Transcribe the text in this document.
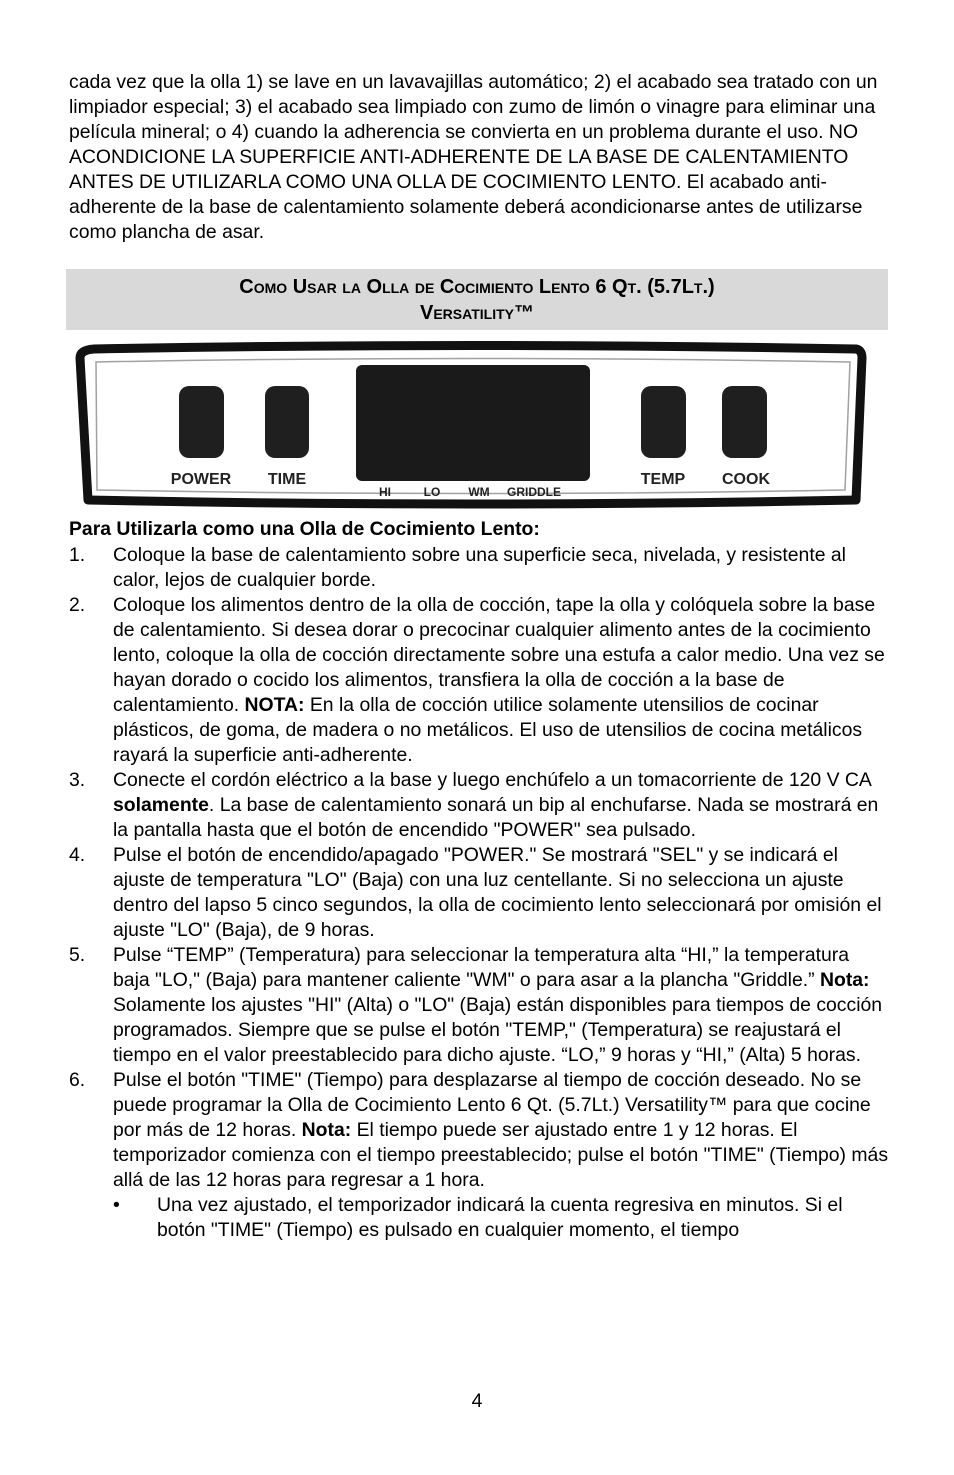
cada vez que la olla 1) se lave en un lavavajillas automático; 2) el acabado sea tratado con un limpiador especial; 3) el acabado sea limpiado con zumo de limón o vinagre para eliminar una película mineral; o 4) cuando la adherencia se convierta en un problema durante el uso. NO ACONDICIONE LA SUPERFICIE ANTI-ADHERENTE DE LA BASE DE CALENTAMIENTO ANTES DE UTILIZARLA COMO UNA OLLA DE COCIMIENTO LENTO. El acabado anti-adherente de la base de calentamiento solamente deberá acondicionarse antes de utilizarse como plancha de asar.

Como Usar la Olla de Cocimiento Lento 6 Qt. (5.7Lt.)
Versatility™
POWER TIME	TEMP COOK
HI	LO WM GRIDDLE

Para Utilizarla como una Olla de Cocimiento Lento:

1. Coloque la base de calentamiento sobre una superficie seca, nivelada, y resistente al calor, lejos de cualquier borde.
2. Coloque los alimentos dentro de la olla de cocción, tape la olla y colóquela sobre la base de calentamiento. Si desea dorar o precocinar cualquier alimento antes de la cocimiento lento, coloque la olla de cocción directamente sobre una estufa a calor medio. Una vez se hayan dorado o cocido los alimentos, transfiera la olla de cocción a la base de calentamiento. NOTA: En la olla de cocción utilice solamente utensilios de cocinar plásticos, de goma, de madera o no metálicos. El uso de utensilios de cocina metálicos rayará la superficie anti-adherente.
3. Conecte el cordón eléctrico a la base y luego enchúfelo a un tomacorriente de 120 V CA solamente. La base de calentamiento sonará un bip al enchufarse. Nada se mostrará en la pantalla hasta que el botón de encendido "POWER" sea pulsado.
4. Pulse el botón de encendido/apagado "POWER." Se mostrará "SEL" y se indicará el ajuste de temperatura "LO" (Baja) con una luz centellante. Si no selecciona un ajuste dentro del lapso 5 cinco segundos, la olla de cocimiento lento seleccionará por omisión el ajuste "LO" (Baja), de 9 horas.
5. Pulse “TEMP” (Temperatura) para seleccionar la temperatura alta “HI,” la temperatura baja "LO," (Baja) para mantener caliente "WM" o para asar a la plancha "Griddle.” Nota: Solamente los ajustes "HI" (Alta) o "LO" (Baja) están disponibles para tiempos de cocción programados. Siempre que se pulse el botón "TEMP," (Temperatura) se reajustará el tiempo en el valor preestablecido para dicho ajuste. “LO,” 9 horas y “HI,” (Alta) 5 horas.
6. Pulse el botón "TIME" (Tiempo) para desplazarse al tiempo de cocción deseado. No se puede programar la Olla de Cocimiento Lento 6 Qt. (5.7Lt.) Versatility™ para que cocine por más de 12 horas. Nota: El tiempo puede ser ajustado entre 1 y 12 horas. El temporizador comienza con el tiempo preestablecido; pulse el botón "TIME" (Tiempo) más allá de las 12 horas para regresar a 1 hora.
• Una vez ajustado, el temporizador indicará la cuenta regresiva en minutos. Si el botón "TIME" (Tiempo) es pulsado en cualquier momento, el tiempo
4
